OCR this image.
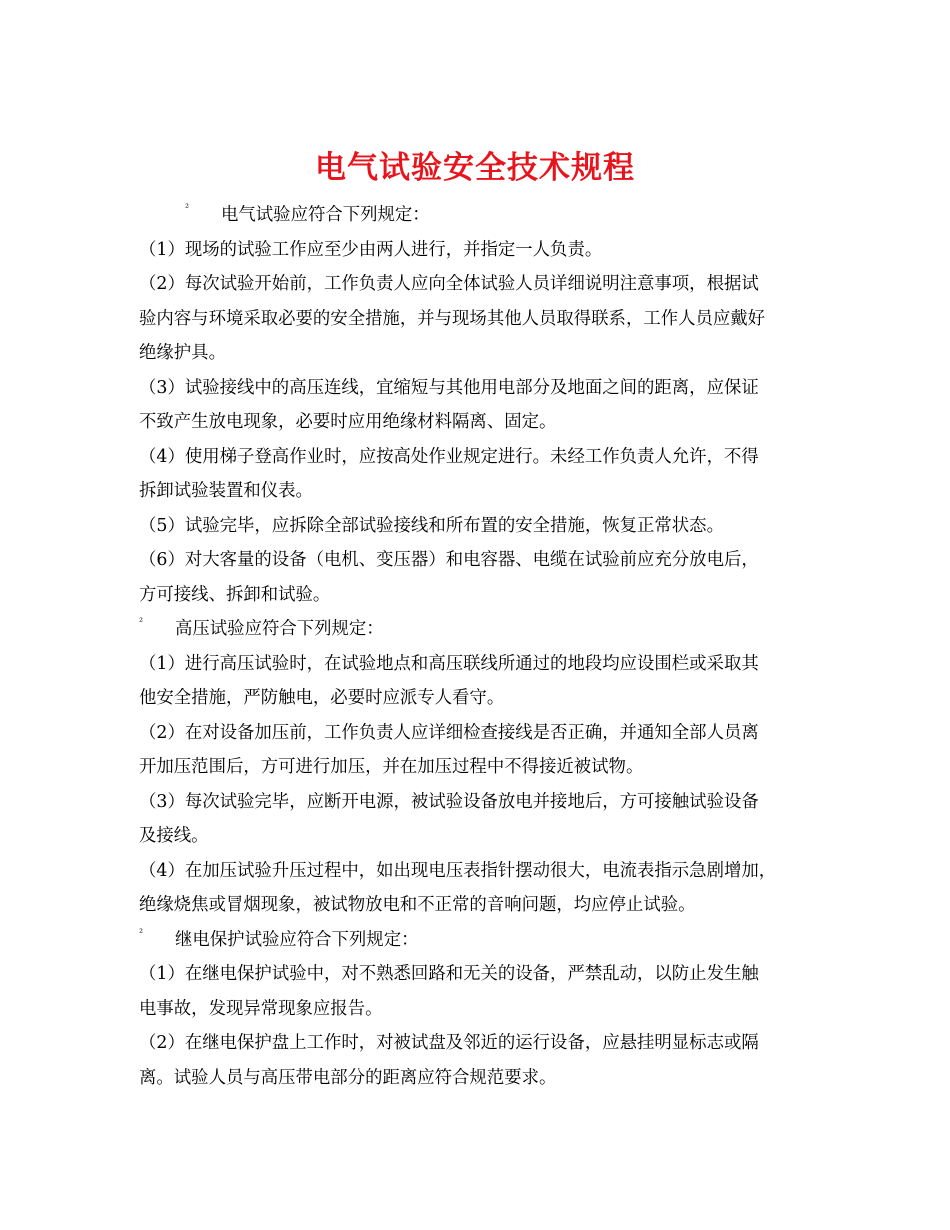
电气试验安全技术规程
² 电气试验应符合下列规定：
（1）现场的试验工作应至少由两人进行，并指定一人负责。
（2）每次试验开始前，工作负责人应向全体试验人员详细说明注意事项，根据试
验内容与环境采取必要的安全措施，并与现场其他人员取得联系，工作人员应戴好
绝缘护具。
（3）试验接线中的高压连线，宜缩短与其他用电部分及地面之间的距离，应保证
不致产生放电现象，必要时应用绝缘材料隔离、固定。
（4）使用梯子登高作业时，应按高处作业规定进行。未经工作负责人允许，不得
拆卸试验装置和仪表。
（5）试验完毕，应拆除全部试验接线和所布置的安全措施，恢复正常状态。
（6）对大客量的设备（电机、变压器）和电容器、电缆在试验前应充分放电后，
方可接线、拆卸和试验。
² 高压试验应符合下列规定：
（1）进行高压试验时，在试验地点和高压联线所通过的地段均应设围栏或采取其
他安全措施，严防触电，必要时应派专人看守。
（2）在对设备加压前，工作负责人应详细检查接线是否正确，并通知全部人员离
开加压范围后，方可进行加压，并在加压过程中不得接近被试物。
（3）每次试验完毕，应断开电源，被试验设备放电并接地后，方可接触试验设备
及接线。
（4）在加压试验升压过程中，如出现电压表指针摆动很大，电流表指示急剧增加，
绝缘烧焦或冒烟现象，被试物放电和不正常的音响问题，均应停止试验。
² 继电保护试验应符合下列规定：
（1）在继电保护试验中，对不熟悉回路和无关的设备，严禁乱动，以防止发生触
电事故，发现异常现象应报告。
（2）在继电保护盘上工作时，对被试盘及邻近的运行设备，应悬挂明显标志或隔
离。试验人员与高压带电部分的距离应符合规范要求。
